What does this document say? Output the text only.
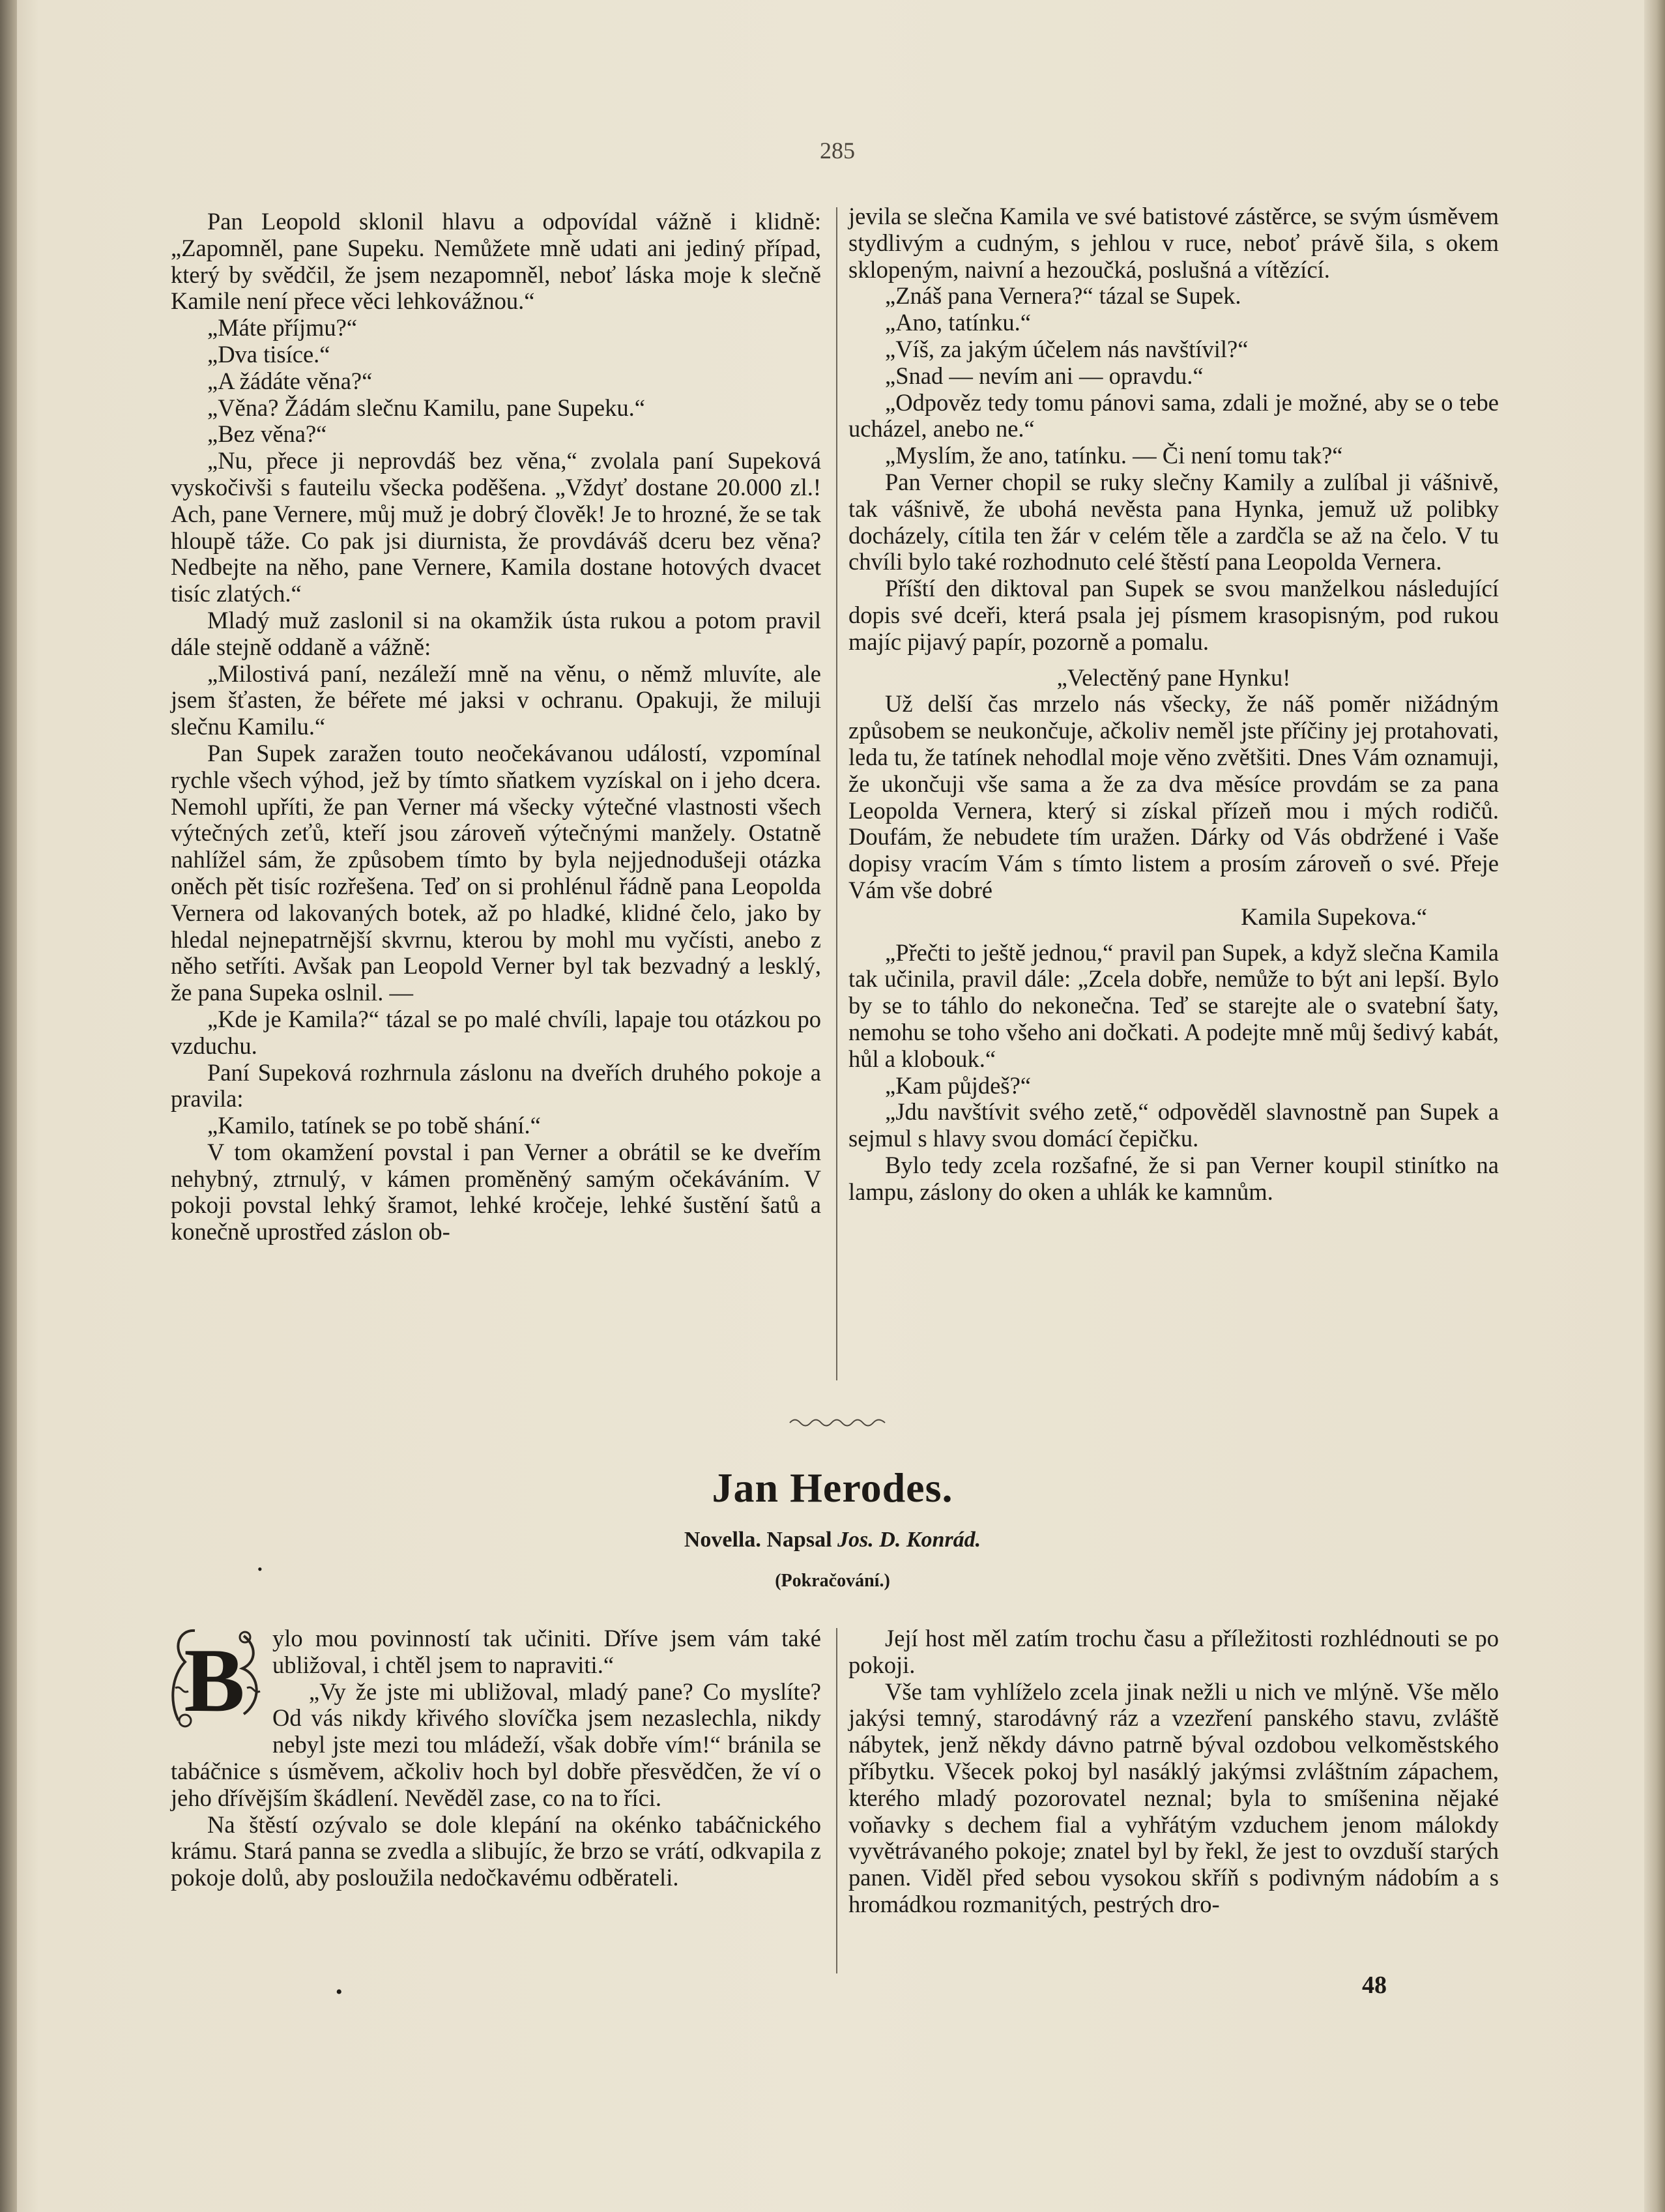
285

Pan Leopold sklonil hlavu a odpovídal vážně i klidně: „Zapomněl, pane Supeku. Nemůžete mně udati ani jediný případ, který by svědčil, že jsem nezapomněl, neboť láska moje k slečně Kamile není přece věci lehkovážnou.“

„Máte příjmu?“

„Dva tisíce.“

„A žádáte věna?“

„Věna? Žádám slečnu Kamilu, pane Supeku.“

„Bez věna?“

„Nu, přece ji neprovdáš bez věna,“ zvolala paní Supeková vyskočivši s fauteilu všecka poděšena. „Vždyť dostane 20.000 zl.! Ach, pane Vernere, můj muž je dobrý člověk! Je to hrozné, že se tak hloupě táže. Co pak jsi diurnista, že provdáváš dceru bez věna? Nedbejte na něho, pane Vernere, Kamila dostane hotových dvacet tisíc zlatých.“

Mladý muž zaslonil si na okamžik ústa rukou a potom pravil dále stejně oddaně a vážně:

„Milostivá paní, nezáleží mně na věnu, o němž mluvíte, ale jsem šťasten, že béřete mé jaksi v ochranu. Opakuji, že miluji slečnu Kamilu.“

Pan Supek zaražen touto neočekávanou událostí, vzpomínal rychle všech výhod, jež by tímto sňatkem vyzískal on i jeho dcera. Nemohl upříti, že pan Verner má všecky výtečné vlastnosti všech výtečných zeťů, kteří jsou zároveň výtečnými manžely. Ostatně nahlížel sám, že způsobem tímto by byla nejjednodušeji otázka oněch pět tisíc rozřešena. Teď on si prohlénul řádně pana Leopolda Vernera od lakovaných botek, až po hladké, klidné čelo, jako by hledal nejnepatrnější skvrnu, kterou by mohl mu vyčísti, anebo z něho setříti. Avšak pan Leopold Verner byl tak bezvadný a lesklý, že pana Supeka oslnil. —

„Kde je Kamila?“ tázal se po malé chvíli, lapaje tou otázkou po vzduchu.

Paní Supeková rozhrnula záslonu na dveřích druhého pokoje a pravila:

„Kamilo, tatínek se po tobě shání.“

V tom okamžení povstal i pan Verner a obrátil se ke dveřím nehybný, ztrnulý, v kámen proměněný samým očekáváním. V pokoji povstal lehký šramot, lehké kročeje, lehké šustění šatů a konečně uprostřed záslon ob-

jevila se slečna Kamila ve své batistové zástěrce, se svým úsměvem stydlivým a cudným, s jehlou v ruce, neboť právě šila, s okem sklopeným, naivní a hezoučká, poslušná a vítězící.

„Znáš pana Vernera?“ tázal se Supek.

„Ano, tatínku.“

„Víš, za jakým účelem nás navštívil?“

„Snad — nevím ani — opravdu.“

„Odpověz tedy tomu pánovi sama, zdali je možné, aby se o tebe ucházel, anebo ne.“

„Myslím, že ano, tatínku. — Či není tomu tak?“

Pan Verner chopil se ruky slečny Kamily a zulíbal ji vášnivě, tak vášnivě, že ubohá nevěsta pana Hynka, jemuž už polibky docházely, cítila ten žár v celém těle a zardčla se až na čelo. V tu chvíli bylo také rozhodnuto celé štěstí pana Leopolda Vernera.

Příští den diktoval pan Supek se svou manželkou následující dopis své dceři, která psala jej písmem krasopisným, pod rukou majíc pijavý papír, pozorně a pomalu.

„Velectěný pane Hynku!

Už delší čas mrzelo nás všecky, že náš poměr nižádným způsobem se neukončuje, ačkoliv neměl jste příčiny jej protahovati, leda tu, že tatínek nehodlal moje věno zvětšiti. Dnes Vám oznamuji, že ukončuji vše sama a že za dva měsíce provdám se za pana Leopolda Vernera, který si získal přízeň mou i mých rodičů. Doufám, že nebudete tím uražen. Dárky od Vás obdržené i Vaše dopisy vracím Vám s tímto listem a prosím zároveň o své. Přeje Vám vše dobré

Kamila Supekova.“

„Přečti to ještě jednou,“ pravil pan Supek, a když slečna Kamila tak učinila, pravil dále: „Zcela dobře, nemůže to být ani lepší. Bylo by se to táhlo do nekonečna. Teď se starejte ale o svatební šaty, nemohu se toho všeho ani dočkati. A podejte mně můj šedivý kabát, hůl a klobouk.“

„Kam půjdeš?“

„Jdu navštívit svého zetě,“ odpověděl slavnostně pan Supek a sejmul s hlavy svou domácí čepičku.

Bylo tedy zcela rozšafné, že si pan Verner koupil stinítko na lampu, záslony do oken a uhlák ke kamnům.

Jan Herodes.
Novella. Napsal Jos. D. Konrád.
(Pokračování.)
•
B	ylo mou povinností tak učiniti. Dříve jsem vám také ubližoval, i chtěl jsem to napraviti.“

„Vy že jste mi ubližoval, mladý pane? Co myslíte? Od vás nikdy křivého slovíčka jsem nezaslechla, nikdy nebyl jste mezi tou mládeží, však dobře vím!“ bránila se tabáčnice s úsměvem, ačkoliv hoch byl dobře přesvědčen, že ví o jeho dřívějším škádlení. Nevěděl zase, co na to říci.

Na štěstí ozývalo se dole klepání na okénko tabáčnického krámu. Stará panna se zvedla a slibujíc, že brzo se vrátí, odkvapila z pokoje dolů, aby posloužila nedočkavému odběrateli.

Její host měl zatím trochu času a příležitosti rozhlédnouti se po pokoji.

Vše tam vyhlíželo zcela jinak nežli u nich ve mlýně. Vše mělo jakýsi temný, starodávný ráz a vzezření panského stavu, zvláště nábytek, jenž někdy dávno patrně býval ozdobou velkoměstského příbytku. Všecek pokoj byl nasáklý jakýmsi zvláštním zápachem, kterého mladý pozorovatel neznal; byla to smíšenina nějaké voňavky s dechem fial a vyhřátým vzduchem jenom málokdy vyvětrávaného pokoje; znatel byl by řekl, že jest to ovzduší starých panen. Viděl před sebou vysokou skříň s podivným nádobím a s hromádkou rozmanitých, pestrých dro-

•	48
